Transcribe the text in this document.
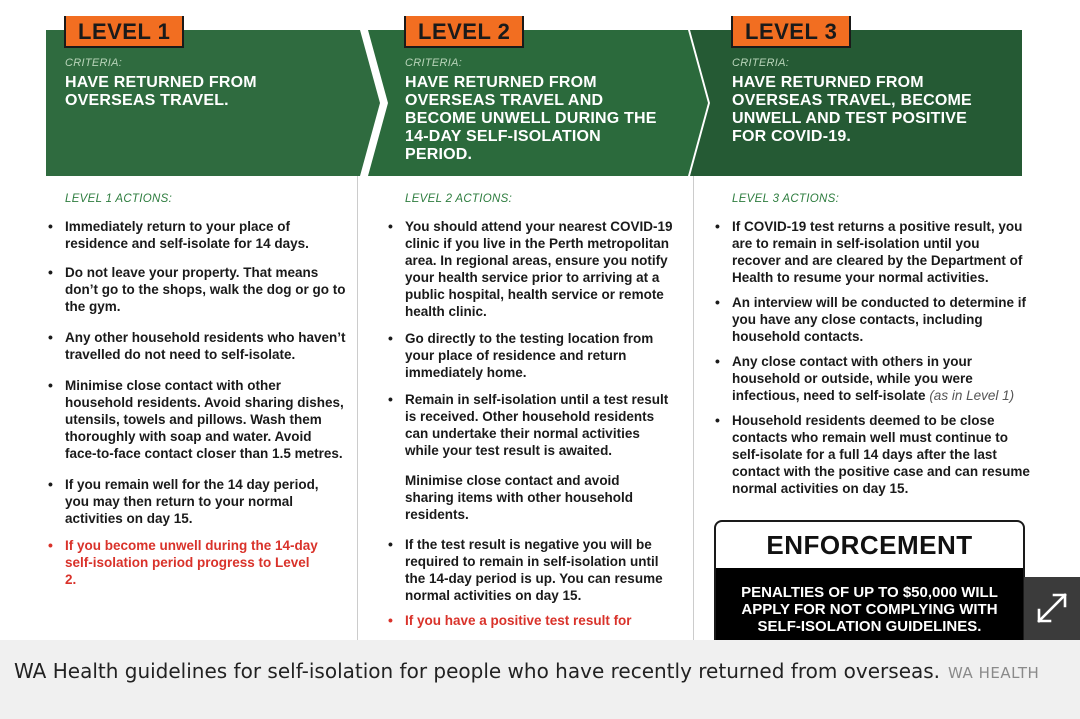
LEVEL 1
CRITERIA:
HAVE RETURNED FROM OVERSEAS TRAVEL.
LEVEL 2
CRITERIA:
HAVE RETURNED FROM OVERSEAS TRAVEL AND BECOME UNWELL DURING THE 14-DAY SELF-ISOLATION PERIOD.
LEVEL 3
CRITERIA:
HAVE RETURNED FROM OVERSEAS TRAVEL, BECOME UNWELL AND TEST POSITIVE FOR COVID-19.
LEVEL 1 ACTIONS:
• Immediately return to your place of residence and self-isolate for 14 days.
• Do not leave your property. That means don’t go to the shops, walk the dog or go to the gym.
• Any other household residents who haven’t travelled do not need to self-isolate.
• Minimise close contact with other household residents. Avoid sharing dishes, utensils, towels and pillows. Wash them thoroughly with soap and water. Avoid face-to-face contact closer than 1.5 metres.
• If you remain well for the 14 day period, you may then return to your normal activities on day 15.
• If you become unwell during the 14-day self-isolation period progress to Level 2.
LEVEL 2 ACTIONS:
• You should attend your nearest COVID-19 clinic if you live in the Perth metropolitan area. In regional areas, ensure you notify your health service prior to arriving at a public hospital, health service or remote health clinic.
• Go directly to the testing location from your place of residence and return immediately home.
• Remain in self-isolation until a test result is received. Other household residents can undertake their normal activities while your test result is awaited.
Minimise close contact and avoid sharing items with other household residents.
• If the test result is negative you will be required to remain in self-isolation until the 14-day period is up. You can resume normal activities on day 15.
• If you have a positive test result for
LEVEL 3 ACTIONS:
• If COVID-19 test returns a positive result, you are to remain in self-isolation until you recover and are cleared by the Department of Health to resume your normal activities.
• An interview will be conducted to determine if you have any close contacts, including household contacts.
• Any close contact with others in your household or outside, while you were infectious, need to self-isolate (as in Level 1)
• Household residents deemed to be close contacts who remain well must continue to self-isolate for a full 14 days after the last contact with the positive case and can resume normal activities on day 15.
ENFORCEMENT
PENALTIES OF UP TO $50,000 WILL APPLY FOR NOT COMPLYING WITH SELF-ISOLATION GUIDELINES.
WA Health guidelines for self-isolation for people who have recently returned from overseas. WA HEALTH
